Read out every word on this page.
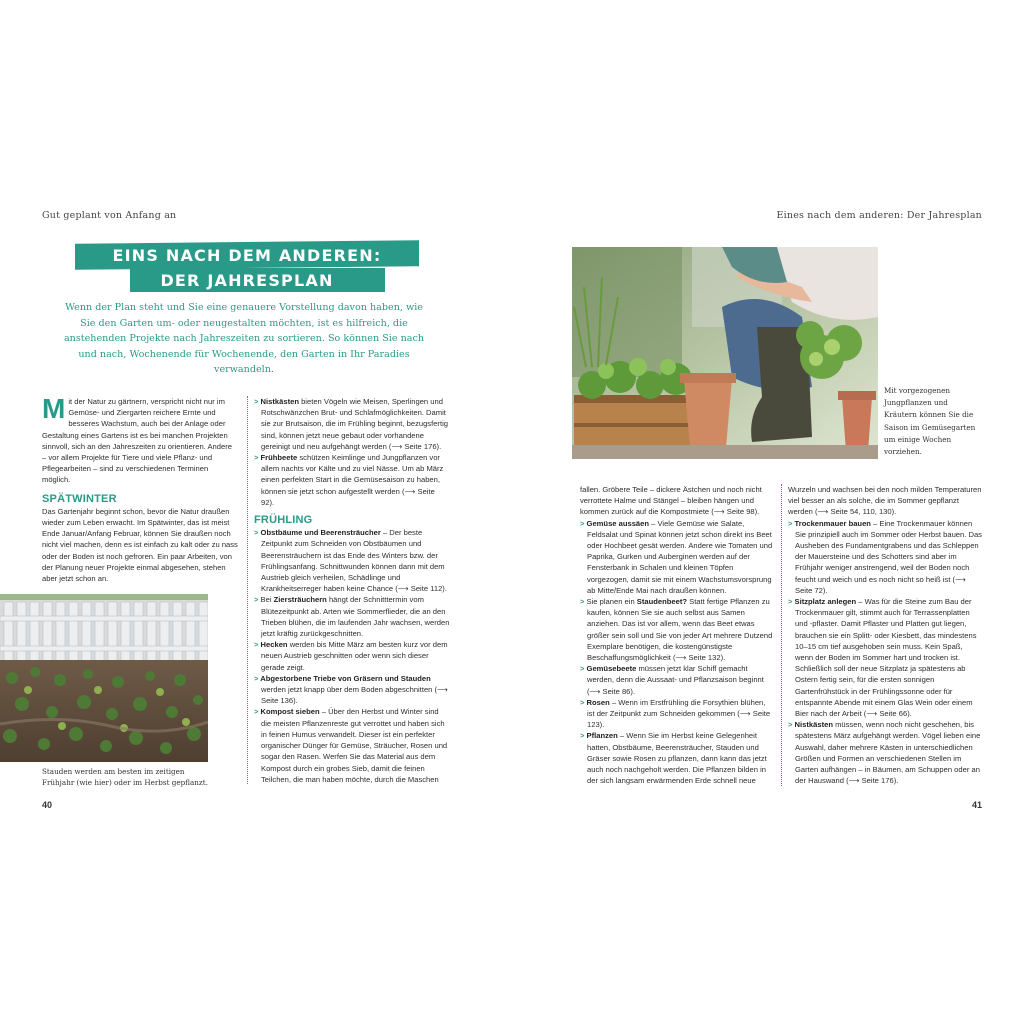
Gut geplant von Anfang an	Eines nach dem anderen: Der Jahresplan
EINS NACH DEM ANDEREN:
DER JAHRESPLAN
Wenn der Plan steht und Sie eine genauere Vorstellung davon haben, wie Sie den Garten um- oder neugestalten möchten, ist es hilfreich, die anstehenden Projekte nach Jahreszeiten zu sortieren. So können Sie nach und nach, Wochenende für Wochenende, den Garten in Ihr Paradies verwandeln.

Mit der Natur zu gärtnern, verspricht nicht nur im Gemüse- und Ziergarten reichere Ernte und besseres Wachstum, auch bei der Anlage oder Gestaltung eines Gartens ist es bei manchen Projekten sinnvoll, sich an den Jahreszeiten zu orientieren. Andere – vor allem Projekte für Tiere und viele Pflanz- und Pflegearbeiten – sind zu verschiedenen Terminen möglich.

SPÄTWINTER

Das Gartenjahr beginnt schon, bevor die Natur draußen wieder zum Leben erwacht. Im Spätwinter, das ist meist Ende Januar/Anfang Februar, können Sie draußen noch nicht viel machen, denn es ist einfach zu kalt oder zu nass oder der Boden ist noch gefroren. Ein paar Arbeiten, von der Planung neuer Projekte einmal abgesehen, stehen aber jetzt schon an.

Stauden werden am besten im zeitigen Frühjahr (wie hier) oder im Herbst gepflanzt.

> Nistkästen bieten Vögeln wie Meisen, Sperlingen und Rotschwänzchen Brut- und Schlafmöglichkeiten. Damit sie zur Brutsaison, die im Frühling beginnt, bezugsfertig sind, können jetzt neue gebaut oder vorhandene gereinigt und neu aufgehängt werden (⟶ Seite 176).

> Frühbeete schützen Keimlinge und Jungpflanzen vor allem nachts vor Kälte und zu viel Nässe. Um ab März einen perfekten Start in die Gemüsesaison zu haben, können sie jetzt schon aufgestellt werden (⟶ Seite 92).

FRÜHLING

> Obstbäume und Beerensträucher – Der beste Zeitpunkt zum Schneiden von Obstbäumen und Beerensträuchern ist das Ende des Winters bzw. der Frühlingsanfang. Schnittwunden können dann mit dem Austrieb gleich verheilen, Schädlinge und Krankheitserreger haben keine Chance (⟶ Seite 112).

> Bei Ziersträuchern hängt der Schnitttermin vom Blütezeitpunkt ab. Arten wie Sommerflieder, die an den Trieben blühen, die im laufenden Jahr wachsen, werden jetzt kräftig zurückgeschnitten.

> Hecken werden bis Mitte März am besten kurz vor dem neuen Austrieb geschnitten oder wenn sich dieser gerade zeigt.

> Abgestorbene Triebe von Gräsern und Stauden werden jetzt knapp über dem Boden abgeschnitten (⟶ Seite 136).

> Kompost sieben – Über den Herbst und Winter sind die meisten Pflanzenreste gut verrottet und haben sich in feinen Humus verwandelt. Dieser ist ein perfekter organischer Dünger für Gemüse, Sträucher, Rosen und sogar den Rasen. Werfen Sie das Material aus dem Kompost durch ein grobes Sieb, damit die feinen Teilchen, die man haben möchte, durch die Maschen

Mit vorgezogenen Jungpflanzen und Kräutern können Sie die Saison im Gemüsegarten um einige Wochen vorziehen.

fallen. Gröbere Teile – dickere Ästchen und noch nicht verrottete Halme und Stängel – bleiben hängen und kommen zurück auf die Kompostmiete (⟶ Seite 98).

> Gemüse aussäen – Viele Gemüse wie Salate, Feldsalat und Spinat können jetzt schon direkt ins Beet oder Hochbeet gesät werden. Andere wie Tomaten und Paprika, Gurken und Auberginen werden auf der Fensterbank in Schalen und kleinen Töpfen vorgezogen, damit sie mit einem Wachstumsvorsprung ab Mitte/Ende Mai nach draußen können.

> Sie planen ein Staudenbeet? Statt fertige Pflanzen zu kaufen, können Sie sie auch selbst aus Samen anziehen. Das ist vor allem, wenn das Beet etwas größer sein soll und Sie von jeder Art mehrere Dutzend Exemplare benötigen, die kostengünstigste Beschaffungsmöglichkeit (⟶ Seite 132).

> Gemüsebeete müssen jetzt klar Schiff gemacht werden, denn die Aussaat- und Pflanzsaison beginnt (⟶ Seite 86).

> Rosen – Wenn im Erstfrühling die Forsythien blühen, ist der Zeitpunkt zum Schneiden gekommen (⟶ Seite 123).

> Pflanzen – Wenn Sie im Herbst keine Gelegenheit hatten, Obstbäume, Beerensträucher, Stauden und Gräser sowie Rosen zu pflanzen, dann kann das jetzt auch noch nachgeholt werden. Die Pflanzen bilden in der sich langsam erwärmenden Erde schnell neue

Wurzeln und wachsen bei den noch milden Temperaturen viel besser an als solche, die im Sommer gepflanzt werden (⟶ Seite 54, 110, 130).

> Trockenmauer bauen – Eine Trockenmauer können Sie prinzipiell auch im Sommer oder Herbst bauen. Das Ausheben des Fundamentgrabens und das Schleppen der Mauersteine und des Schotters sind aber im Frühjahr weniger anstrengend, weil der Boden noch feucht und weich und es noch nicht so heiß ist (⟶ Seite 72).

> Sitzplatz anlegen – Was für die Steine zum Bau der Trockenmauer gilt, stimmt auch für Terrassenplatten und -pflaster. Damit Pflaster und Platten gut liegen, brauchen sie ein Splitt- oder Kiesbett, das mindestens 10–15 cm tief ausgehoben sein muss. Kein Spaß, wenn der Boden im Sommer hart und trocken ist. Schließlich soll der neue Sitzplatz ja spätestens ab Ostern fertig sein, für die ersten sonnigen Gartenfrühstück in der Frühlingssonne oder für entspannte Abende mit einem Glas Wein oder einem Bier nach der Arbeit (⟶ Seite 66).

> Nistkästen müssen, wenn noch nicht geschehen, bis spätestens März aufgehängt werden. Vögel lieben eine Auswahl, daher mehrere Kästen in unterschiedlichen Größen und Formen an verschiedenen Stellen im Garten aufhängen – in Bäumen, am Schuppen oder an der Hauswand (⟶ Seite 176).

40	41
